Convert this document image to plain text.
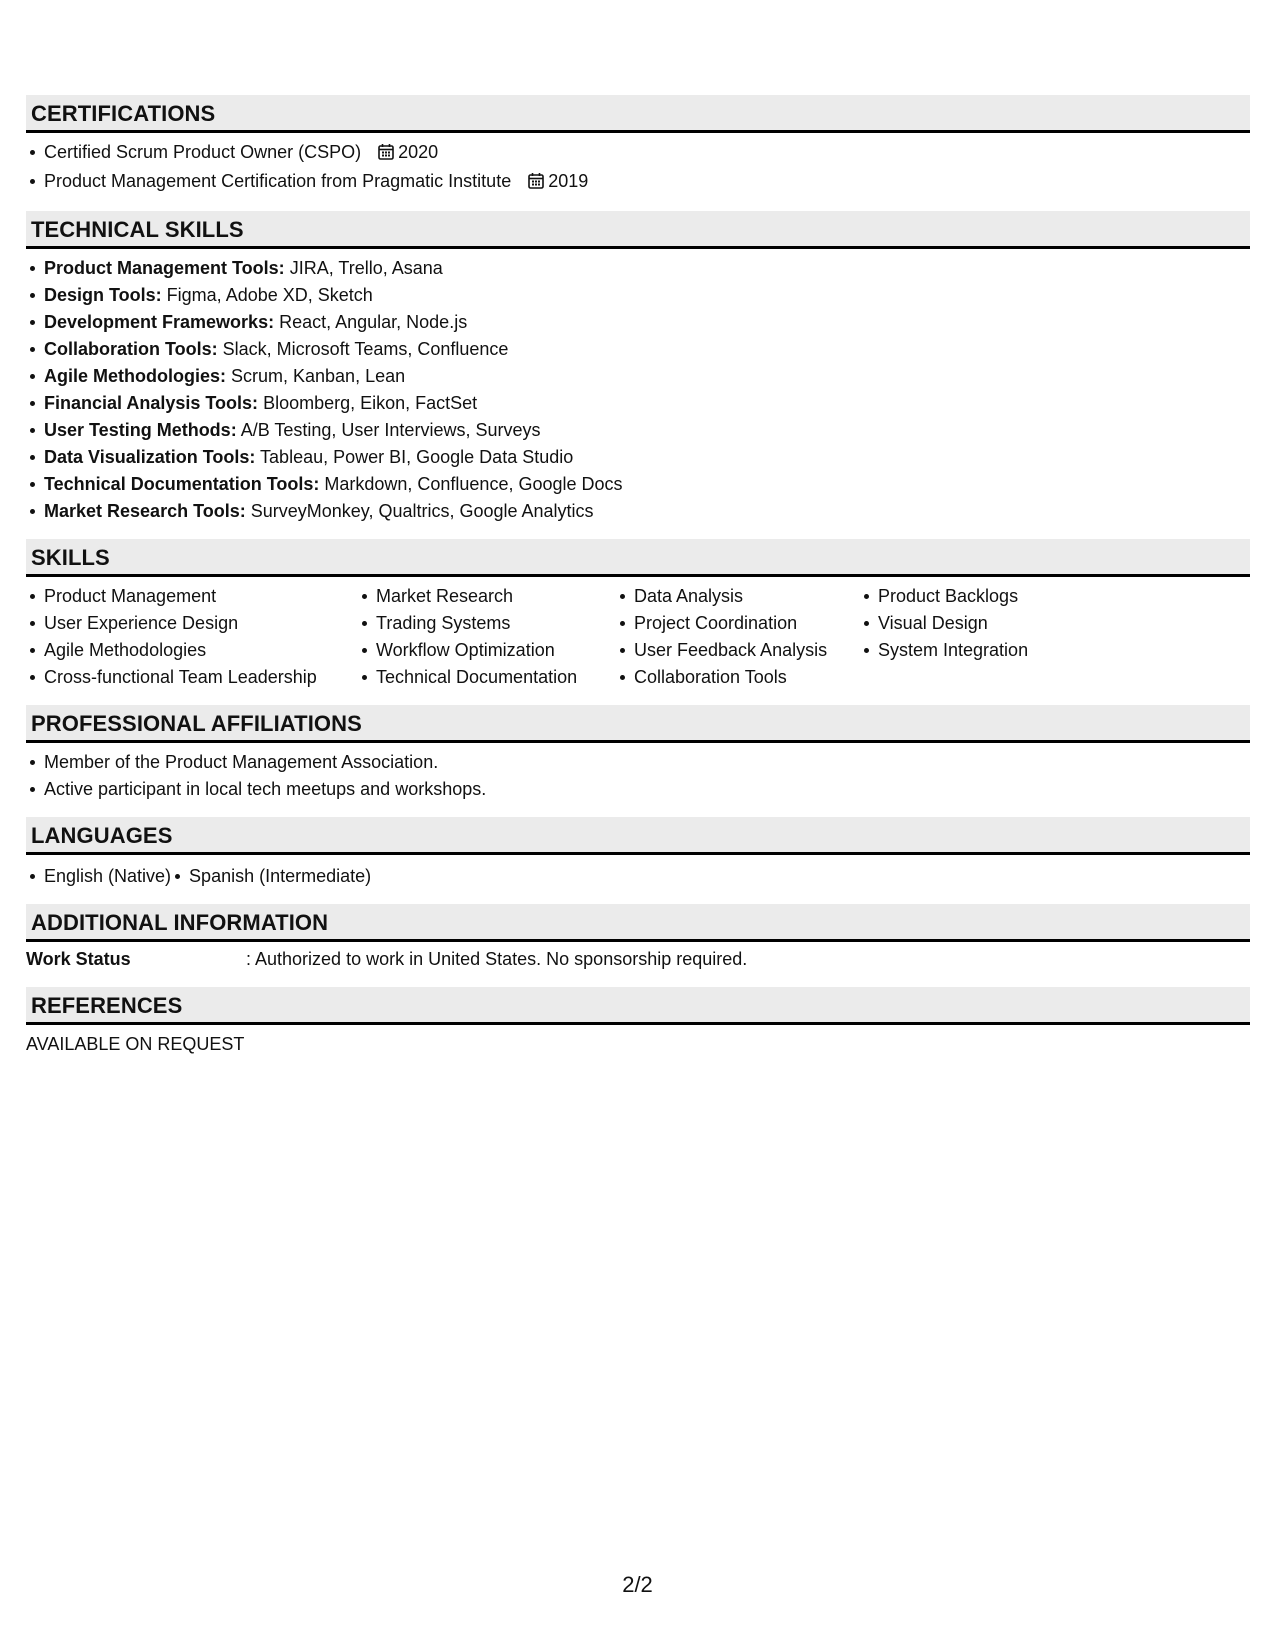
CERTIFICATIONS
Certified Scrum Product Owner (CSPO) 2020
Product Management Certification from Pragmatic Institute 2019
TECHNICAL SKILLS
Product Management Tools: JIRA, Trello, Asana
Design Tools: Figma, Adobe XD, Sketch
Development Frameworks: React, Angular, Node.js
Collaboration Tools: Slack, Microsoft Teams, Confluence
Agile Methodologies: Scrum, Kanban, Lean
Financial Analysis Tools: Bloomberg, Eikon, FactSet
User Testing Methods: A/B Testing, User Interviews, Surveys
Data Visualization Tools: Tableau, Power BI, Google Data Studio
Technical Documentation Tools: Markdown, Confluence, Google Docs
Market Research Tools: SurveyMonkey, Qualtrics, Google Analytics
SKILLS
Product Management
User Experience Design
Agile Methodologies
Cross-functional Team Leadership
Market Research
Trading Systems
Workflow Optimization
Technical Documentation
Data Analysis
Project Coordination
User Feedback Analysis
Collaboration Tools
Product Backlogs
Visual Design
System Integration
PROFESSIONAL AFFILIATIONS
Member of the Product Management Association.
Active participant in local tech meetups and workshops.
LANGUAGES
English (Native) Spanish (Intermediate)
ADDITIONAL INFORMATION
Work Status	: Authorized to work in United States. No sponsorship required.
REFERENCES
AVAILABLE ON REQUEST
2/2
